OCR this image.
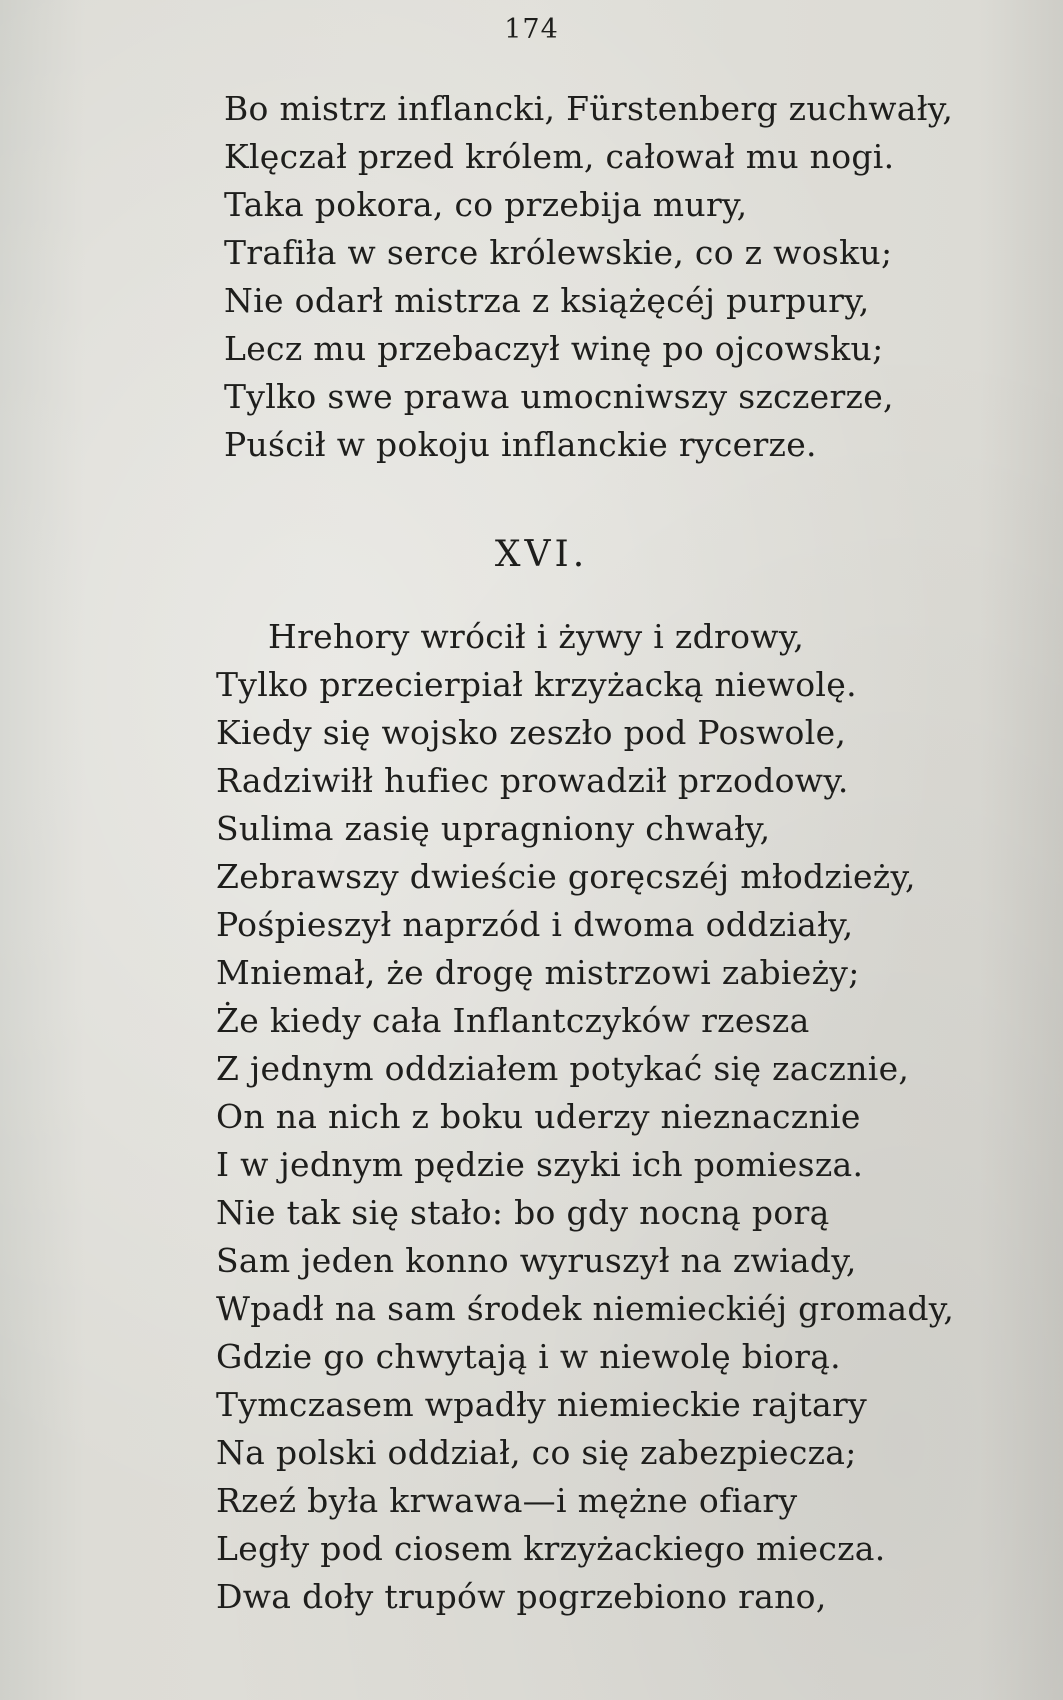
174
Bo mistrz inflancki, Fürstenberg zuchwały,
Klęczał przed królem, całował mu nogi.
Taka pokora, co przebija mury,
Trafiła w serce królewskie, co z wosku;
Nie odarł mistrza z książęcéj purpury,
Lecz mu przebaczył winę po ojcowsku;
Tylko swe prawa umocniwszy szczerze,
Puścił w pokoju inflanckie rycerze.
XVI.
Hrehory wrócił i żywy i zdrowy,
Tylko przecierpiał krzyżacką niewolę.
Kiedy się wojsko zeszło pod Poswole,
Radziwiłł hufiec prowadził przodowy.
Sulima zasię upragniony chwały,
Zebrawszy dwieście goręcszéj młodzieży,
Pośpieszył naprzód i dwoma oddziały,
Mniemał, że drogę mistrzowi zabieży;
Że kiedy cała Inflantczyków rzesza
Z jednym oddziałem potykać się zacznie,
On na nich z boku uderzy nieznacznie
I w jednym pędzie szyki ich pomiesza.
Nie tak się stało: bo gdy nocną porą
Sam jeden konno wyruszył na zwiady,
Wpadł na sam środek niemieckiéj gromady,
Gdzie go chwytają i w niewolę biorą.
Tymczasem wpadły niemieckie rajtary
Na polski oddział, co się zabezpiecza;
Rzeź była krwawa—i mężne ofiary
Legły pod ciosem krzyżackiego miecza.
Dwa doły trupów pogrzebiono rano,
